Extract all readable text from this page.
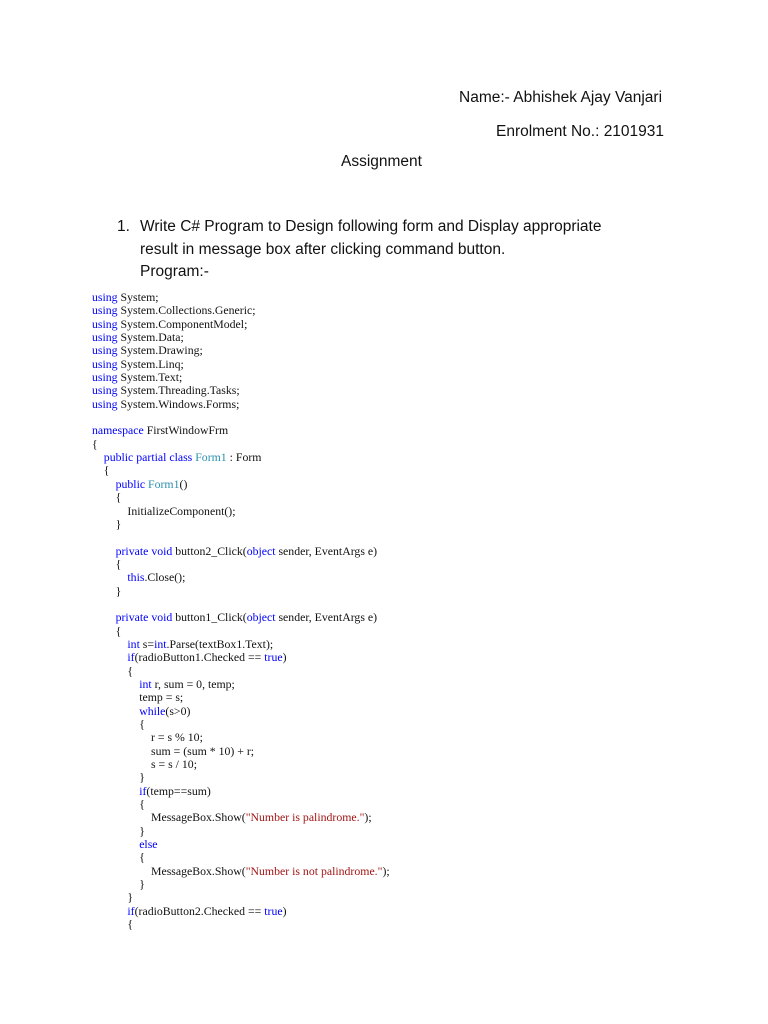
Name:- Abhishek Ajay Vanjari
Enrolment No.: 2101931
Assignment
1. Write C# Program to Design following form and Display appropriate
result in message box after clicking command button.
Program:-
using System;
using System.Collections.Generic;
using System.ComponentModel;
using System.Data;
using System.Drawing;
using System.Linq;
using System.Text;
using System.Threading.Tasks;
using System.Windows.Forms;

namespace FirstWindowFrm
{
public partial class Form1 : Form
{
public Form1()
{
InitializeComponent();
}

private void button2_Click(object sender, EventArgs e)
{
this.Close();
}

private void button1_Click(object sender, EventArgs e)
{
int s=int.Parse(textBox1.Text);
if(radioButton1.Checked == true)
{
int r, sum = 0, temp;
temp = s;
while(s>0)
{
r = s % 10;
sum = (sum * 10) + r;
s = s / 10;
}
if(temp==sum)
{
MessageBox.Show("Number is palindrome.");
}
else
{
MessageBox.Show("Number is not palindrome.");
}
}
if(radioButton2.Checked == true)
{
